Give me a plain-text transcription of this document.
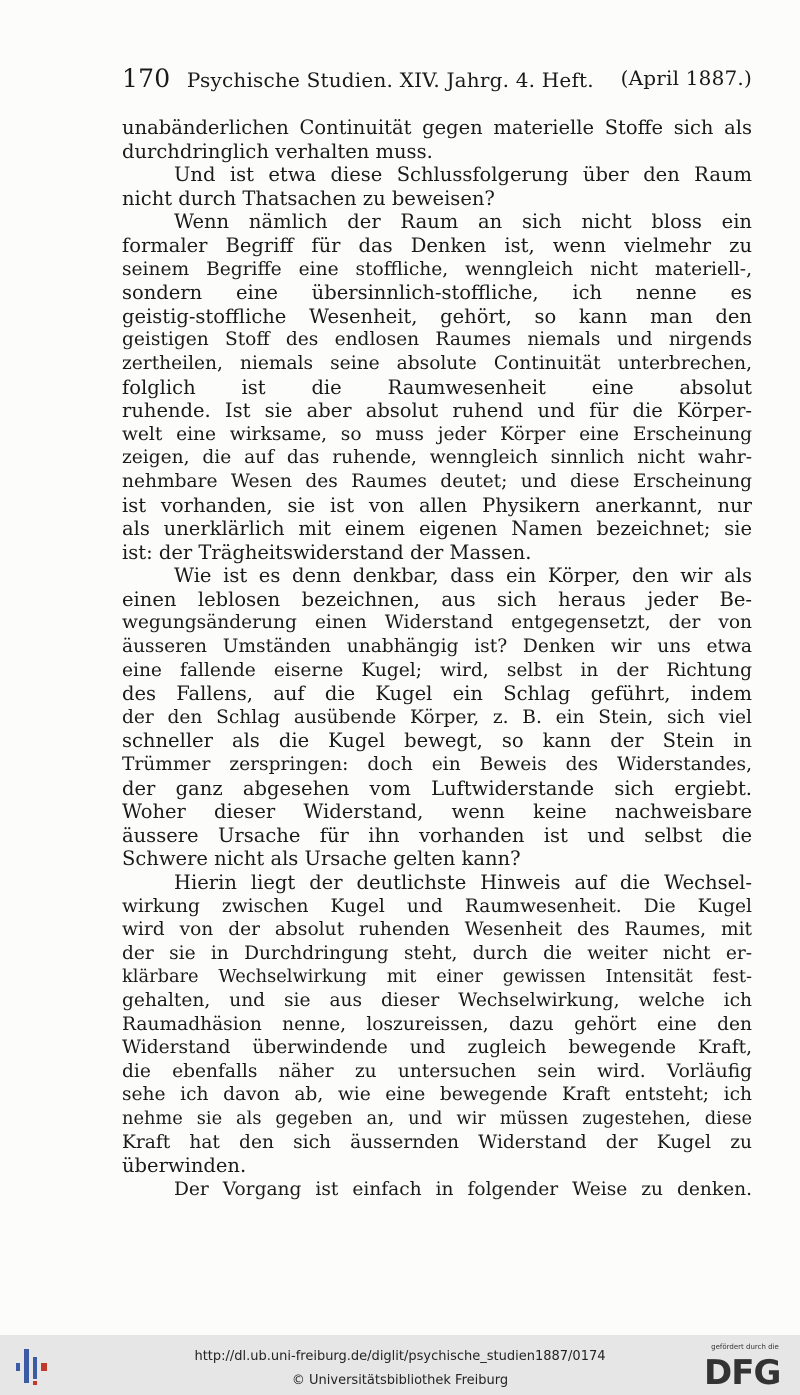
170 Psychische Studien. XIV. Jahrg. 4. Heft. (April 1887.)
unabänderlichen Continuität gegen materielle Stoffe sich als
durchdringlich verhalten muss.
Und ist etwa diese Schlussfolgerung über den Raum
nicht durch Thatsachen zu beweisen?
Wenn nämlich der Raum an sich nicht bloss ein
formaler Begriff für das Denken ist, wenn vielmehr zu
seinem Begriffe eine stoffliche, wenngleich nicht materiell-,
sondern eine übersinnlich-stoffliche, ich nenne es
geistig-stoffliche Wesenheit, gehört, so kann man den
geistigen Stoff des endlosen Raumes niemals und nirgends
zertheilen, niemals seine absolute Continuität unterbrechen,
folglich ist die Raumwesenheit eine absolut
ruhende. Ist sie aber absolut ruhend und für die Körper-
welt eine wirksame, so muss jeder Körper eine Erscheinung
zeigen, die auf das ruhende, wenngleich sinnlich nicht wahr-
nehmbare Wesen des Raumes deutet; und diese Erscheinung
ist vorhanden, sie ist von allen Physikern anerkannt, nur
als unerklärlich mit einem eigenen Namen bezeichnet; sie
ist: der Trägheitswiderstand der Massen.
Wie ist es denn denkbar, dass ein Körper, den wir als
einen leblosen bezeichnen, aus sich heraus jeder Be-
wegungsänderung einen Widerstand entgegensetzt, der von
äusseren Umständen unabhängig ist? Denken wir uns etwa
eine fallende eiserne Kugel; wird, selbst in der Richtung
des Fallens, auf die Kugel ein Schlag geführt, indem
der den Schlag ausübende Körper, z. B. ein Stein, sich viel
schneller als die Kugel bewegt, so kann der Stein in
Trümmer zerspringen: doch ein Beweis des Widerstandes,
der ganz abgesehen vom Luftwiderstande sich ergiebt.
Woher dieser Widerstand, wenn keine nachweisbare
äussere Ursache für ihn vorhanden ist und selbst die
Schwere nicht als Ursache gelten kann?
Hierin liegt der deutlichste Hinweis auf die Wechsel-
wirkung zwischen Kugel und Raumwesenheit. Die Kugel
wird von der absolut ruhenden Wesenheit des Raumes, mit
der sie in Durchdringung steht, durch die weiter nicht er-
klärbare Wechselwirkung mit einer gewissen Intensität fest-
gehalten, und sie aus dieser Wechselwirkung, welche ich
Raumadhäsion nenne, loszureissen, dazu gehört eine den
Widerstand überwindende und zugleich bewegende Kraft,
die ebenfalls näher zu untersuchen sein wird. Vorläufig
sehe ich davon ab, wie eine bewegende Kraft entsteht; ich
nehme sie als gegeben an, und wir müssen zugestehen, diese
Kraft hat den sich äussernden Widerstand der Kugel zu
überwinden.
Der Vorgang ist einfach in folgender Weise zu denken.
http://dl.ub.uni-freiburg.de/diglit/psychische_studien1887/0174
© Universitätsbibliothek Freiburg
gefördert durch die
DFG
